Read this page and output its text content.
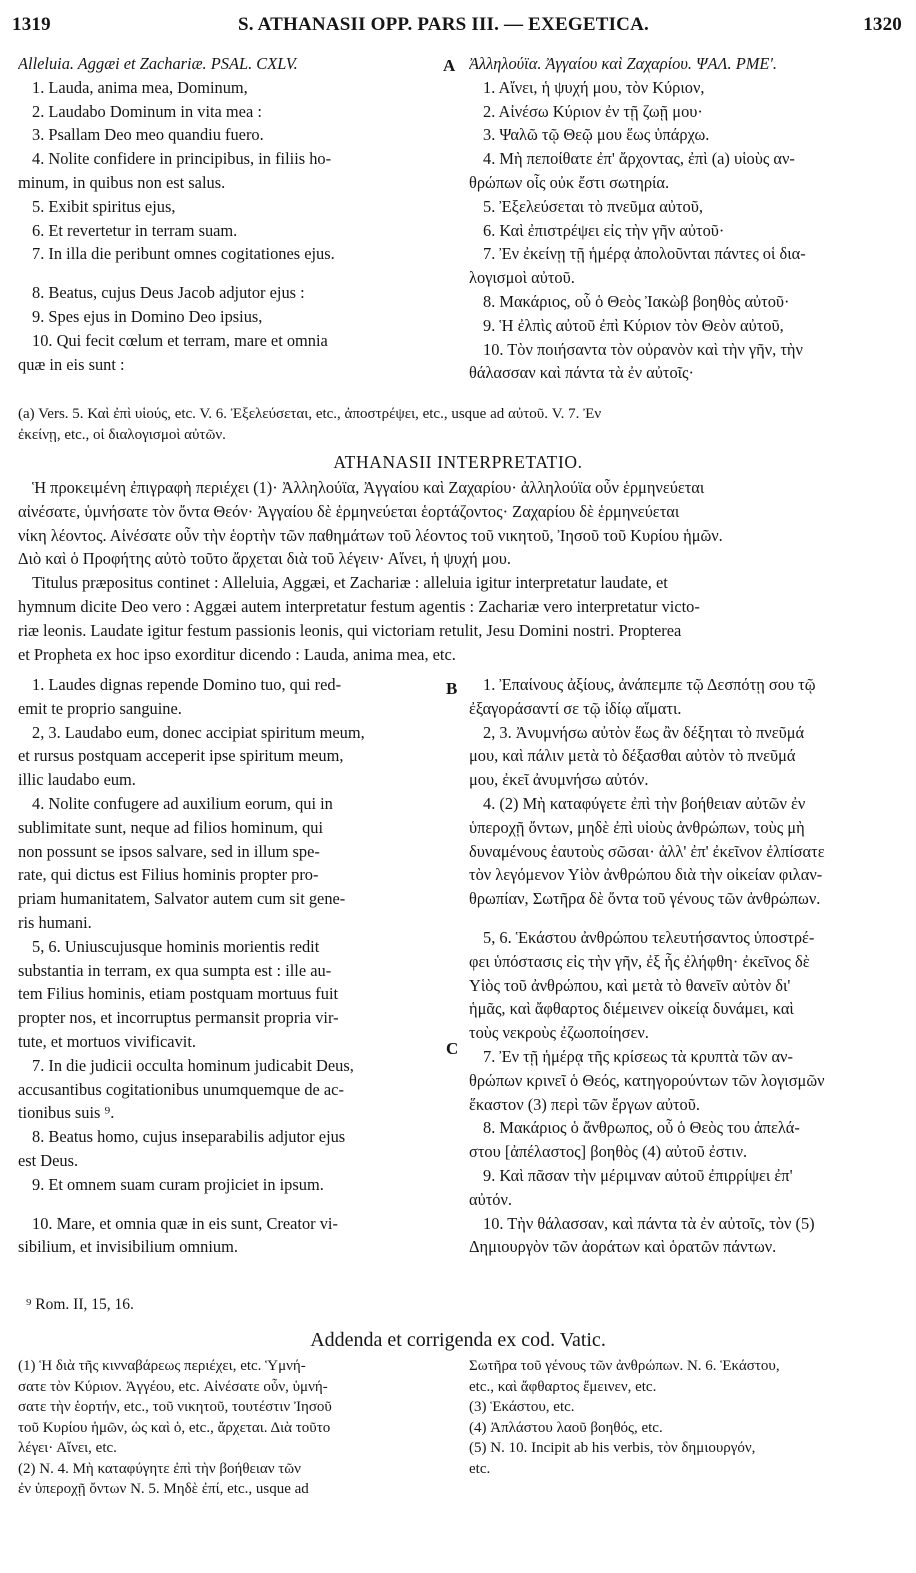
1319	S. ATHANASII OPP. PARS III. — EXEGETICA.	1320
Alleluia. Aggæi et Zachariæ. PSAL. CXLV.
1. Lauda, anima mea, Dominum,
2. Laudabo Dominum in vita mea :
3. Psallam Deo meo quandiu fuero.
4. Nolite confidere in principibus, in filiis ho-
minum, in quibus non est salus.
5. Exibit spiritus ejus,
6. Et revertetur in terram suam.
7. In illa die peribunt omnes cogitationes ejus.
8. Beatus, cujus Deus Jacob adjutor ejus :
9. Spes ejus in Domino Deo ipsius,
10. Qui fecit cœlum et terram, mare et omnia
quæ in eis sunt :
Ἀλληλούϊα. Ἀγγαίου καὶ Ζαχαρίου. ΨΑΛ. ΡΜΕ'.
1. Αἴνει, ἡ ψυχή μου, τὸν Κύριον,
2. Αἰνέσω Κύριον ἐν τῇ ζωῇ μου·
3. Ψαλῶ τῷ Θεῷ μου ἕως ὑπάρχω.
4. Μὴ πεποίθατε ἐπ' ἄρχοντας, ἐπὶ (a) υἱοὺς αν-
θρώπων οἷς οὐκ ἔστι σωτηρία.
5. Ἐξελεύσεται τὸ πνεῦμα αὐτοῦ,
6. Καὶ ἐπιστρέψει εἰς τὴν γῆν αὐτοῦ·
7. Ἐν ἐκείνῃ τῇ ἡμέρᾳ ἀπολοῦνται πάντες οἱ δια-
λογισμοὶ αὐτοῦ.
8. Μακάριος, οὗ ὁ Θεὸς Ἰακὼβ βοηθὸς αὐτοῦ·
9. Ἡ ἐλπὶς αὐτοῦ ἐπὶ Κύριον τὸν Θεὸν αὐτοῦ,
10. Τὸν ποιήσαντα τὸν οὐρανὸν καὶ τὴν γῆν, τὴν
θάλασσαν καὶ πάντα τὰ ἐν αὐτοῖς·
A
(a) Vers. 5. Καὶ ἐπὶ υἱούς, etc. V. 6. Ἐξελεύσεται, etc., ἀποστρέψει, etc., usque ad αὐτοῦ. V. 7. Ἐν
ἐκείνῃ, etc., οἱ διαλογισμοὶ αὐτῶν.
ATHANASII INTERPRETATIO.
Ἡ προκειμένη ἐπιγραφὴ περιέχει (1)· Ἀλληλούϊα, Ἀγγαίου καὶ Ζαχαρίου· ἀλληλούϊα οὖν ἑρμηνεύεται
αἰνέσατε, ὑμνήσατε τὸν ὄντα Θεόν· Ἀγγαίου δὲ ἑρμηνεύεται ἑορτάζοντος· Ζαχαρίου δὲ ἑρμηνεύεται
νίκη λέοντος. Αἰνέσατε οὖν τὴν ἑορτὴν τῶν παθημάτων τοῦ λέοντος τοῦ νικητοῦ, Ἰησοῦ τοῦ Κυρίου ἡμῶν.
Διὸ καὶ ὁ Προφήτης αὐτὸ τοῦτο ἄρχεται διὰ τοῦ λέγειν· Αἴνει, ἡ ψυχή μου.
Titulus præpositus continet : Alleluia, Aggæi, et Zachariæ : alleluia igitur interpretatur laudate, et
hymnum dicite Deo vero : Aggæi autem interpretatur festum agentis : Zachariæ vero interpretatur victo-
riæ leonis. Laudate igitur festum passionis leonis, qui victoriam retulit, Jesu Domini nostri. Propterea
et Propheta ex hoc ipso exorditur dicendo : Lauda, anima mea, etc.
1. Laudes dignas repende Domino tuo, qui red-
emit te proprio sanguine.
2, 3. Laudabo eum, donec accipiat spiritum meum,
et rursus postquam acceperit ipse spiritum meum,
illic laudabo eum.
4. Nolite confugere ad auxilium eorum, qui in
sublimitate sunt, neque ad filios hominum, qui
non possunt se ipsos salvare, sed in illum spe-
rate, qui dictus est Filius hominis propter pro-
priam humanitatem, Salvator autem cum sit gene-
ris humani.
5, 6. Uniuscujusque hominis morientis redit
substantia in terram, ex qua sumpta est : ille au-
tem Filius hominis, etiam postquam mortuus fuit
propter nos, et incorruptus permansit propria vir-
tute, et mortuos vivificavit.
7. In die judicii occulta hominum judicabit Deus,
accusantibus cogitationibus unumquemque de ac-
tionibus suis ⁹.
8. Beatus homo, cujus inseparabilis adjutor ejus
est Deus.
9. Et omnem suam curam projiciet in ipsum.
10. Mare, et omnia quæ in eis sunt, Creator vi-
sibilium, et invisibilium omnium.
1. Ἐπαίνους ἀξίους, ἀνάπεμπε τῷ Δεσπότῃ σου τῷ
ἐξαγοράσαντί σε τῷ ἰδίῳ αἵματι.
2, 3. Ἀνυμνήσω αὐτὸν ἕως ἂν δέξηται τὸ πνεῦμά
μου, καὶ πάλιν μετὰ τὸ δέξασθαι αὐτὸν τὸ πνεῦμά
μου, ἐκεῖ ἀνυμνήσω αὐτόν.
4. (2) Μὴ καταφύγετε ἐπὶ τὴν βοήθειαν αὐτῶν ἐν
ὑπεροχῇ ὄντων, μηδὲ ἐπὶ υἱοὺς ἀνθρώπων, τοὺς μὴ
δυναμένους ἑαυτοὺς σῶσαι· ἀλλ' ἐπ' ἐκεῖνον ἐλπίσατε
τὸν λεγόμενον Υἱὸν ἀνθρώπου διὰ τὴν οἰκείαν φιλαν-
θρωπίαν, Σωτῆρα δὲ ὄντα τοῦ γένους τῶν ἀνθρώπων.
5, 6. Ἑκάστου ἀνθρώπου τελευτήσαντος ὑποστρέ-
φει ὑπόστασις εἰς τὴν γῆν, ἐξ ἧς ἐλήφθη· ἐκεῖνος δὲ
Υἱὸς τοῦ ἀνθρώπου, καὶ μετὰ τὸ θανεῖν αὐτὸν δι'
ἡμᾶς, καὶ ἄφθαρτος διέμεινεν οἰκείᾳ δυνάμει, καὶ
τοὺς νεκροὺς ἐζωοποίησεν.
7. Ἐν τῇ ἡμέρᾳ τῆς κρίσεως τὰ κρυπτὰ τῶν αν-
θρώπων κρινεῖ ὁ Θεός, κατηγορούντων τῶν λογισμῶν
ἕκαστον (3) περὶ τῶν ἔργων αὐτοῦ.
8. Μακάριος ὁ ἄνθρωπος, οὗ ὁ Θεὸς του ἀπελά-
στου [ἀπέλαστος] βοηθὸς (4) αὐτοῦ ἐστιν.
9. Καὶ πᾶσαν τὴν μέριμναν αὐτοῦ ἐπιρρίψει ἐπ'
αὐτόν.
10. Τὴν θάλασσαν, καὶ πάντα τὰ ἐν αὐτοῖς, τὸν (5)
Δημιουργὸν τῶν ἀοράτων καὶ ὁρατῶν πάντων.
B
C
⁹ Rom. II, 15, 16.
Addenda et corrigenda ex cod. Vatic.
(1) Ἡ διὰ τῆς κινναβάρεως περιέχει, etc. Ὑμνή-
σατε τὸν Κύριον. Ἀγγέου, etc. Αἰνέσατε οὖν, ὑμνή-
σατε τὴν ἑορτήν, etc., τοῦ νικητοῦ, τουτέστιν Ἰησοῦ
τοῦ Κυρίου ἡμῶν, ὡς καὶ ὁ, etc., ἄρχεται. Διὰ τοῦτο
λέγει· Αἴνει, etc.
(2) Ν. 4. Μὴ καταφύγητε ἐπὶ τὴν βοήθειαν τῶν
ἐν ὑπεροχῇ ὄντων Ν. 5. Μηδὲ ἐπί, etc., usque ad
Σωτῆρα τοῦ γένους τῶν ἀνθρώπων. Ν. 6. Ἑκάστου,
etc., καὶ ἄφθαρτος ἔμεινεν, etc.
(3) Ἑκάστου, etc.
(4) Ἀπλάστου λαοῦ βοηθός, etc.
(5) Ν. 10. Incipit ab his verbis, τὸν δημιουργόν,
etc.
